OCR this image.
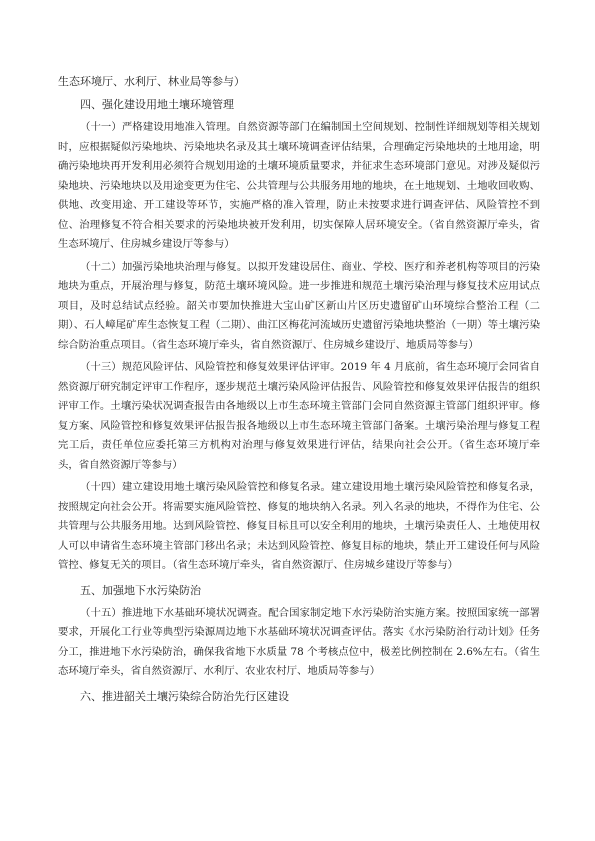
生态环境厅、水利厅、林业局等参与）

四、强化建设用地土壤环境管理

（十一）严格建设用地准入管理。自然资源等部门在编制国土空间规划、控制性详细规划等相关规划时，应根据疑似污染地块、污染地块名录及其土壤环境调查评估结果，合理确定污染地块的土地用途，明确污染地块再开发利用必须符合规划用途的土壤环境质量要求，并征求生态环境部门意见。对涉及疑似污染地块、污染地块以及用途变更为住宅、公共管理与公共服务用地的地块，在土地规划、土地收回收购、供地、改变用途、开工建设等环节，实施严格的准入管理，防止未按要求进行调查评估、风险管控不到位、治理修复不符合相关要求的污染地块被开发利用，切实保障人居环境安全。（省自然资源厅牵头，省生态环境厅、住房城乡建设厅等参与）

（十二）加强污染地块治理与修复。以拟开发建设居住、商业、学校、医疗和养老机构等项目的污染地块为重点，开展治理与修复，防范土壤环境风险。进一步推进和规范土壤污染治理与修复技术应用试点项目，及时总结试点经验。韶关市要加快推进大宝山矿区新山片区历史遗留矿山环境综合整治工程（二期）、石人嶂尾矿库生态恢复工程（二期）、曲江区梅花河流域历史遗留污染地块整治（一期）等土壤污染综合防治重点项目。（省生态环境厅牵头，省自然资源厅、住房城乡建设厅、地质局等参与）

（十三）规范风险评估、风险管控和修复效果评估评审。2019 年 4 月底前，省生态环境厅会同省自然资源厅研究制定评审工作程序，逐步规范土壤污染风险评估报告、风险管控和修复效果评估报告的组织评审工作。土壤污染状况调查报告由各地级以上市生态环境主管部门会同自然资源主管部门组织评审。修复方案、风险管控和修复效果评估报告报各地级以上市生态环境主管部门备案。土壤污染治理与修复工程完工后，责任单位应委托第三方机构对治理与修复效果进行评估，结果向社会公开。（省生态环境厅牵头，省自然资源厅等参与）

（十四）建立建设用地土壤污染风险管控和修复名录。建立建设用地土壤污染风险管控和修复名录，按照规定向社会公开。将需要实施风险管控、修复的地块纳入名录。列入名录的地块，不得作为住宅、公共管理与公共服务用地。达到风险管控、修复目标且可以安全利用的地块，土壤污染责任人、土地使用权人可以申请省生态环境主管部门移出名录；未达到风险管控、修复目标的地块，禁止开工建设任何与风险管控、修复无关的项目。（省生态环境厅牵头，省自然资源厅、住房城乡建设厅等参与）

五、加强地下水污染防治

（十五）推进地下水基础环境状况调查。配合国家制定地下水污染防治实施方案。按照国家统一部署要求，开展化工行业等典型污染源周边地下水基础环境状况调查评估。落实《水污染防治行动计划》任务分工，推进地下水污染防治，确保我省地下水质量 78 个考核点位中，极差比例控制在 2.6%左右。（省生态环境厅牵头，省自然资源厅、水利厅、农业农村厅、地质局等参与）

六、推进韶关土壤污染综合防治先行区建设
